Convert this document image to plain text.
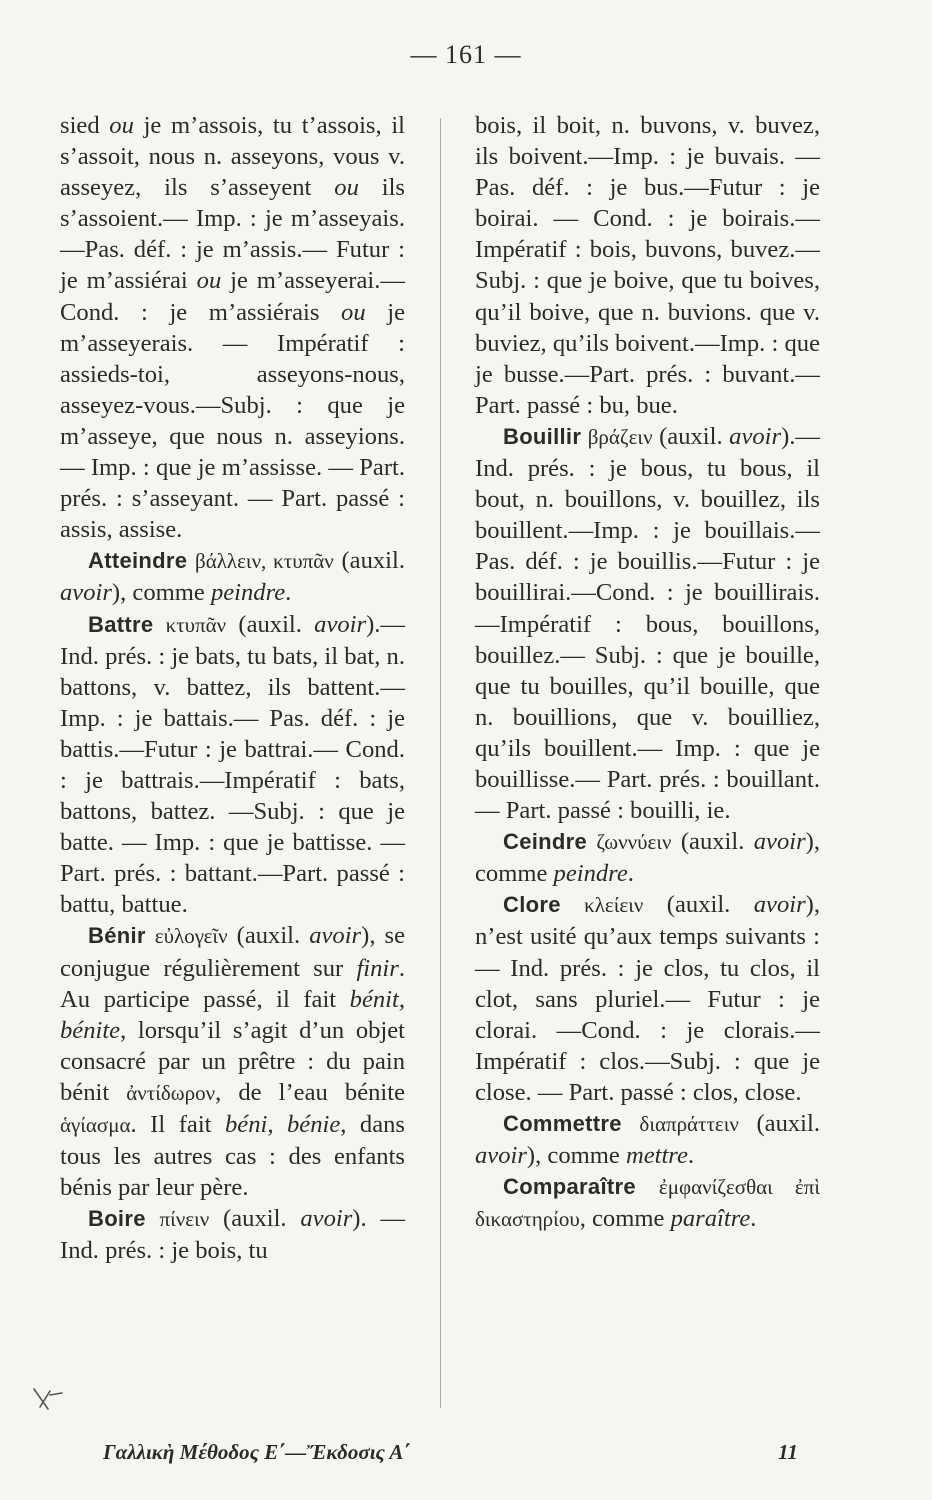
— 161 —

sied ou je m’assois, tu t’assois, il s’assoit, nous n. asseyons, vous v. asseyez, ils s’asseyent ou ils s’assoient.— Imp. : je m’asseyais.—Pas. déf. : je m’assis.— Futur : je m’assiérai ou je m’asseyerai.—Cond. : je m’assiérais ou je m’asseyerais. — Impératif : assieds-toi, asseyons-nous, asseyez-vous.—Subj. : que je m’asseye, que nous n. asseyions. — Imp. : que je m’assisse. — Part. prés. : s’asseyant. — Part. passé : assis, assise.

Atteindre βάλλειν, κτυπᾶν (auxil. avoir), comme peindre.

Battre κτυπᾶν (auxil. avoir).—Ind. prés. : je bats, tu bats, il bat, n. battons, v. battez, ils battent.—Imp. : je battais.— Pas. déf. : je battis.—Futur : je battrai.— Cond. : je battrais.—Impératif : bats, battons, battez. —Subj. : que je batte. — Imp. : que je battisse. — Part. prés. : battant.—Part. passé : battu, battue.

Bénir εὐλογεῖν (auxil. avoir), se conjugue régulièrement sur finir. Au participe passé, il fait bénit, bénite, lorsqu’il s’agit d’un objet consacré par un prêtre : du pain bénit ἀντίδωρον, de l’eau bénite ἁγίασμα. Il fait béni, bénie, dans tous les autres cas : des enfants bénis par leur père.

Boire πίνειν (auxil. avoir). —Ind. prés. : je bois, tu

bois, il boit, n. buvons, v. buvez, ils boivent.—Imp. : je buvais. — Pas. déf. : je bus.—Futur : je boirai. — Cond. : je boirais.—Impératif : bois, buvons, buvez.— Subj. : que je boive, que tu boives, qu’il boive, que n. buvions. que v. buviez, qu’ils boivent.—Imp. : que je busse.—Part. prés. : buvant.—Part. passé : bu, bue.

Bouillir βράζειν (auxil. avoir).—Ind. prés. : je bous, tu bous, il bout, n. bouillons, v. bouillez, ils bouillent.—Imp. : je bouillais.— Pas. déf. : je bouillis.—Futur : je bouillirai.—Cond. : je bouillirais. —Impératif : bous, bouillons, bouillez.— Subj. : que je bouille, que tu bouilles, qu’il bouille, que n. bouillions, que v. bouilliez, qu’ils bouillent.— Imp. : que je bouillisse.— Part. prés. : bouillant. — Part. passé : bouilli, ie.

Ceindre ζωννύειν (auxil. avoir), comme peindre.

Clore κλείειν (auxil. avoir), n’est usité qu’aux temps suivants : — Ind. prés. : je clos, tu clos, il clot, sans pluriel.— Futur : je clorai. —Cond. : je clorais.—Impératif : clos.—Subj. : que je close. — Part. passé : clos, close.

Commettre διαπράττειν (auxil. avoir), comme mettre.

Comparaître ἐμφανίζεσθαι ἐπὶ δικαστηρίου, comme paraître.

Γαλλικὴ Μέθοδος Ε΄—Ἔκδοσις Α΄	11
